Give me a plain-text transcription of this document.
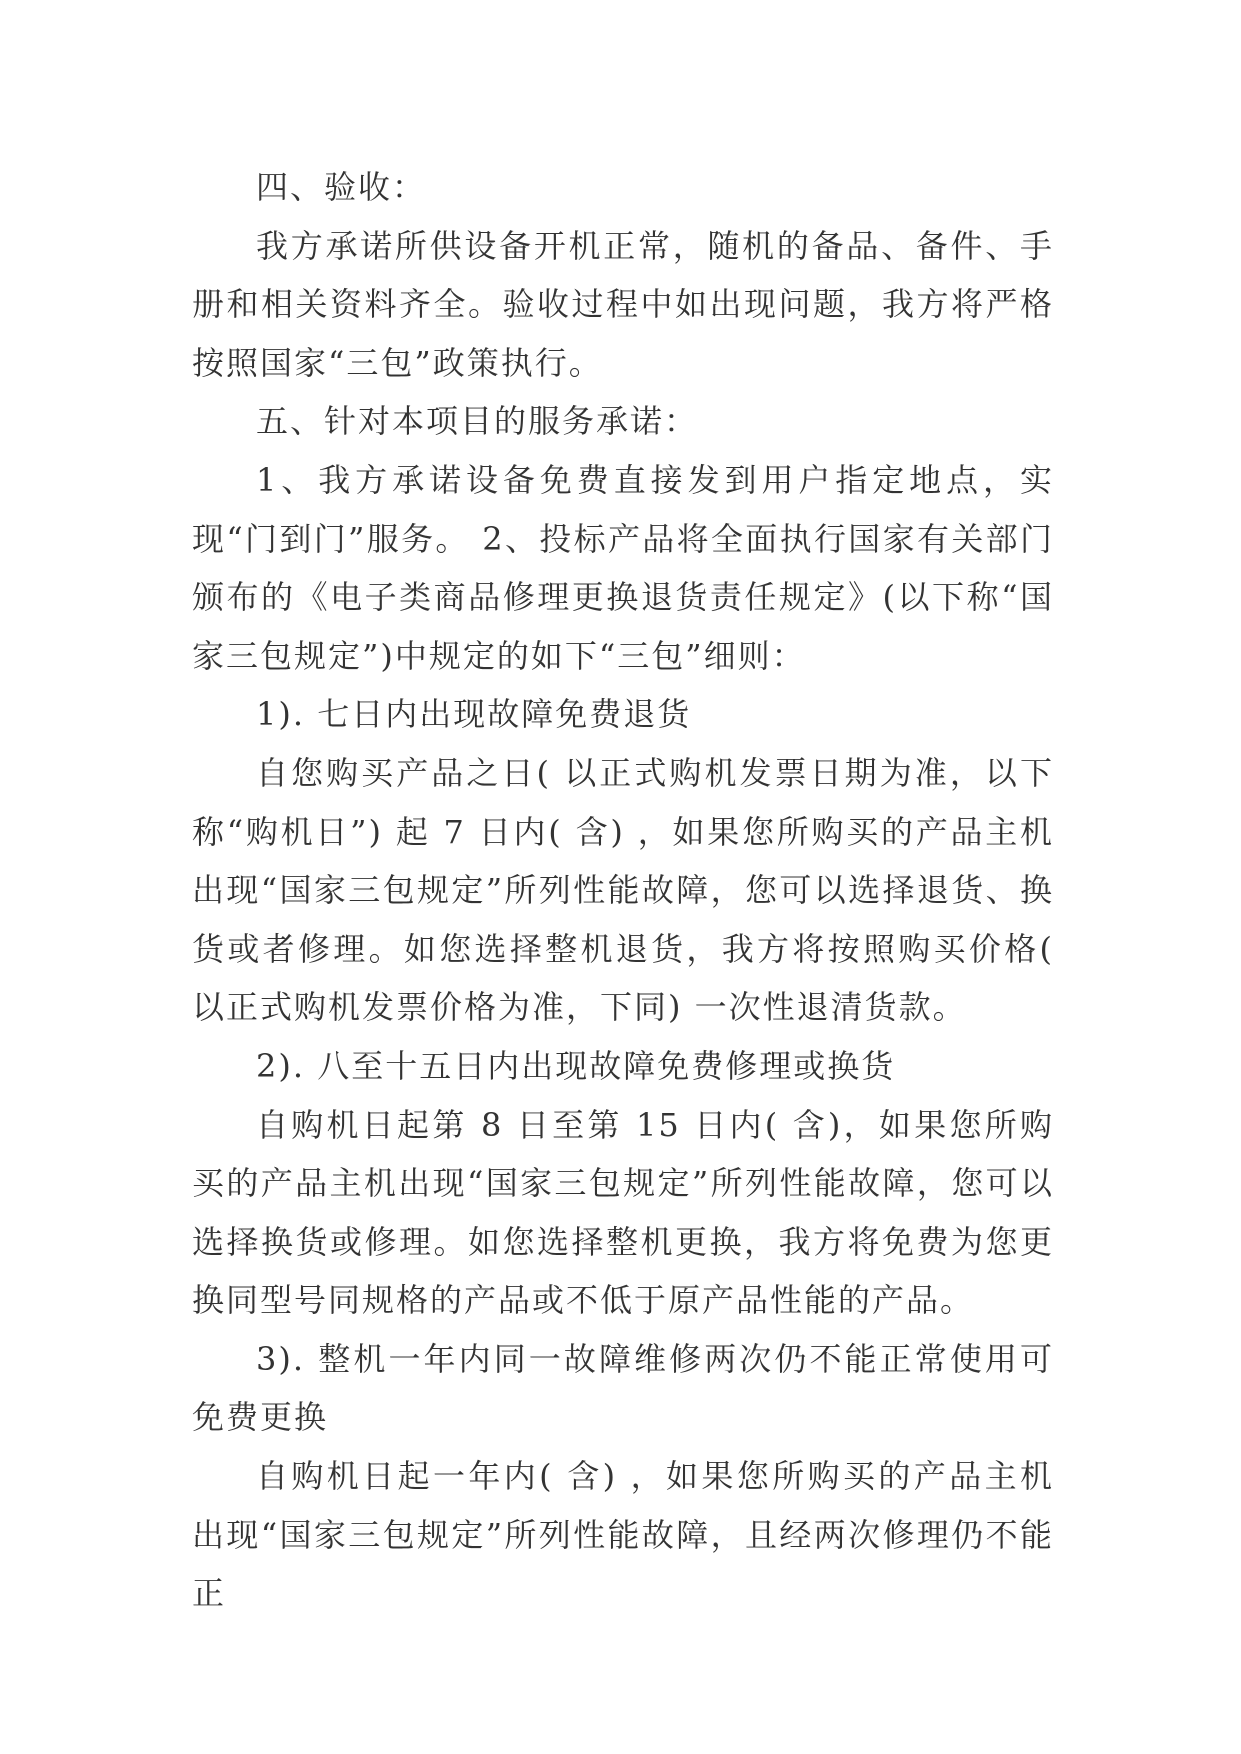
四、验收：

我方承诺所供设备开机正常，随机的备品、备件、手册和相关资料齐全。验收过程中如出现问题，我方将严格按照国家“三包”政策执行。

五、针对本项目的服务承诺：

1、我方承诺设备免费直接发到用户指定地点，实现“门到门”服务。 2、投标产品将全面执行国家有关部门颁布的《电子类商品修理更换退货责任规定》(以下称“国家三包规定”)中规定的如下“三包”细则：

1). 七日内出现故障免费退货

自您购买产品之日( 以正式购机发票日期为准，以下称“购机日”) 起 7 日内( 含) ，如果您所购买的产品主机出现“国家三包规定”所列性能故障，您可以选择退货、换货或者修理。如您选择整机退货，我方将按照购买价格( 以正式购机发票价格为准，下同) 一次性退清货款。

2). 八至十五日内出现故障免费修理或换货

自购机日起第 8 日至第 15 日内( 含)，如果您所购买的产品主机出现“国家三包规定”所列性能故障，您可以选择换货或修理。如您选择整机更换，我方将免费为您更换同型号同规格的产品或不低于原产品性能的产品。

3). 整机一年内同一故障维修两次仍不能正常使用可免费更换

自购机日起一年内( 含) ，如果您所购买的产品主机出现“国家三包规定”所列性能故障，且经两次修理仍不能正
